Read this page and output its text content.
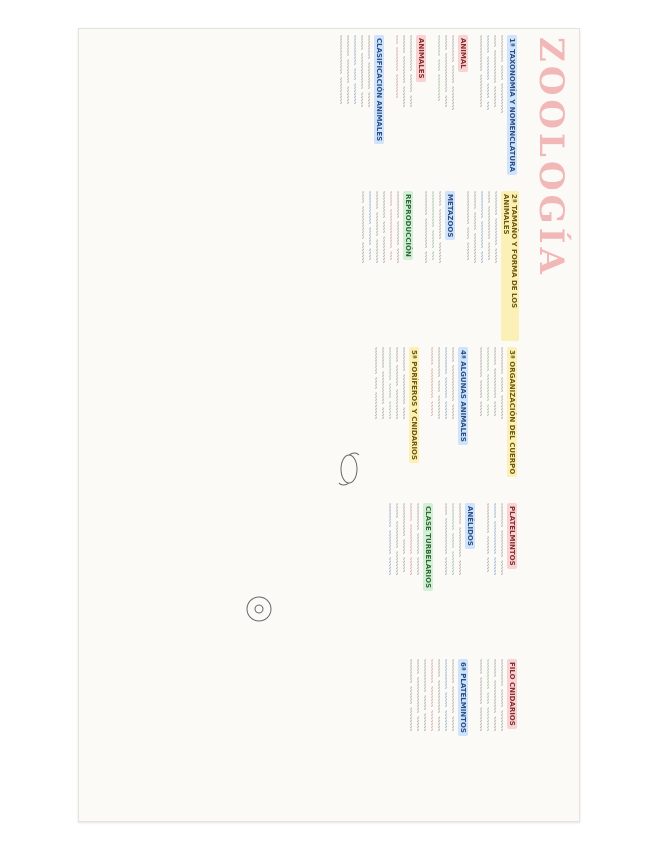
ZOOLOGÍA
1ª TAXONOMÍA Y NOMENCLATURA
~~~~~~~~~ ~~~~~ ~~~~~~~~~~
~~~~ ~~~~~~~~~~~ ~~~~~~~
~~~~~~ ~~~~~~~~ ~~~~~ ~~~
~~~~~~~~~~~~ ~~~~~~~~~~~
ANIMAL
~~~~~~~~~ ~~~~~~ ~~~~~~~~
~~~~~ ~~~~~~~~~~~~~ ~~~~
~~~~~~~ ~~~~ ~~~~~~~~~
ANIMALES
~~~~~~~~~~~~ ~~~~~~ ~~~~
~~~~~~ ~~~~~~~~~ ~~~~~~~
~~~ ~~~~~~~~ ~~~~~~~~
CLASIFICACIÓN ANIMALES
~~~~~~~~ ~~~~~~~~~ ~~~~~
~~~~~ ~~~~~~~~~~~~ ~~~~~
~~~~~~~~~~ ~~~~ ~~~~~~~
~~~~~~~ ~~~~~~~~ ~~~~~~
~~~~~~~~~~~~~ ~~~~~~~~~
2ª TAMAÑO Y FORMA DE LOS ANIMALES
~~~~~~~~ ~~~~~~~~~ ~~~~~
~~~~ ~~~~~~~~~~~ ~~~~~~
~~~~~~~~~ ~~~~~~~~~ ~~~~
~~~~~~ ~~~~~~ ~~~~~~~~~~
~~~~~~~~~~~ ~~~~ ~~~~~~
METAZOOS
~~~~~ ~~~~~~~~~~ ~~~~~~~
~~~~~~~~~~~~ ~~~~~~ ~~~
~~~~~~~~ ~~~~~~~~~~ ~~~~
REPRODUCCIÓN
~~~~~~~~~ ~~~~~~~~ ~~~~~
~~~~~ ~~~~~~~~~~~~~ ~~~
~~~~~~~~~ ~~~~ ~~~~~~~~~
~~~~~~ ~~~~~~~~ ~~~~~~~~
~~~~~~~~~~~ ~~~~~~ ~~~~
~~~~ ~~~~~~~~~~~ ~~~~~~~
3ª ORGANIZACIÓN DEL CUERPO
~~~~~~~~~ ~~~~~ ~~~~~~~~
~~~~~~ ~~~~~~~~~~ ~~~~~
~~~~~~~~ ~~~~~~~~~ ~~~~
~~~~~~~~~~ ~~~~~~ ~~~~~
4ª ALGUNAS ANIMALES
~~~~~ ~~~~~~~~~~~~ ~~~~~
~~~~~~~~~ ~~~~~~~ ~~~~~~
~~~~~~~~~~ ~~~~ ~~~~~~~~
~~~~~~ ~~~~~~~~~~ ~~~~~
5ª PORÍFEROS Y CNIDARIOS
~~~~~~~~ ~~~~~~~~~~ ~~~~
~~~~~ ~~~~~~~ ~~~~~~~~~~
~~~~~~~~~~~ ~~~~~ ~~~~~~
~~~~~~~ ~~~~~~~~~~~ ~~~~
~~~~~~~~~ ~~~~ ~~~~~~~~~
PLATELMINTOS
~~~~~~~~ ~~~~~~~~~ ~~~~~
~~~~~ ~~~~~~~~~~~ ~~~~~~
~~~~~~~~~~ ~~~~~~ ~~~~~
ANÉLIDOS
~~~~~~~ ~~~~~~~~~~ ~~~~~
~~~~~~~~~ ~~~~~ ~~~~~~~~
~~~~ ~~~~~~~~~~~~ ~~~~~~
CLASE TURBELARIOS
~~~~~~~~~ ~~~~~~~ ~~~~~~
~~~~~~ ~~~~~~~~~~ ~~~~~~
~~~~~~~~~~~ ~~~~~ ~~~~~
~~~~~ ~~~~~~~~~ ~~~~~~~~
~~~~~~~~ ~~~~~~~~ ~~~~~~
FILO CNIDARIOS
~~~~~~~~~ ~~~~~~ ~~~~~~~
~~~~~~ ~~~~~~~~~~~ ~~~~~
~~~~~~~~~~ ~~~~ ~~~~~~~~
~~~~~ ~~~~~~~~~ ~~~~~~~~
6ª PLATELMINTOS
~~~~~~~~ ~~~~~~~~~ ~~~~~
~~~~~~~~~~ ~~~~~ ~~~~~~~
~~~~~~ ~~~~~~~~~~~ ~~~~~
~~~~~~~~ ~~~~~~~ ~~~~~~~
~~~~~~~~~~~ ~~~~~ ~~~~~~
~~~~~ ~~~~~~~~~~~~ ~~~~~
~~~~~~~~ ~~~~~~ ~~~~~~~~
